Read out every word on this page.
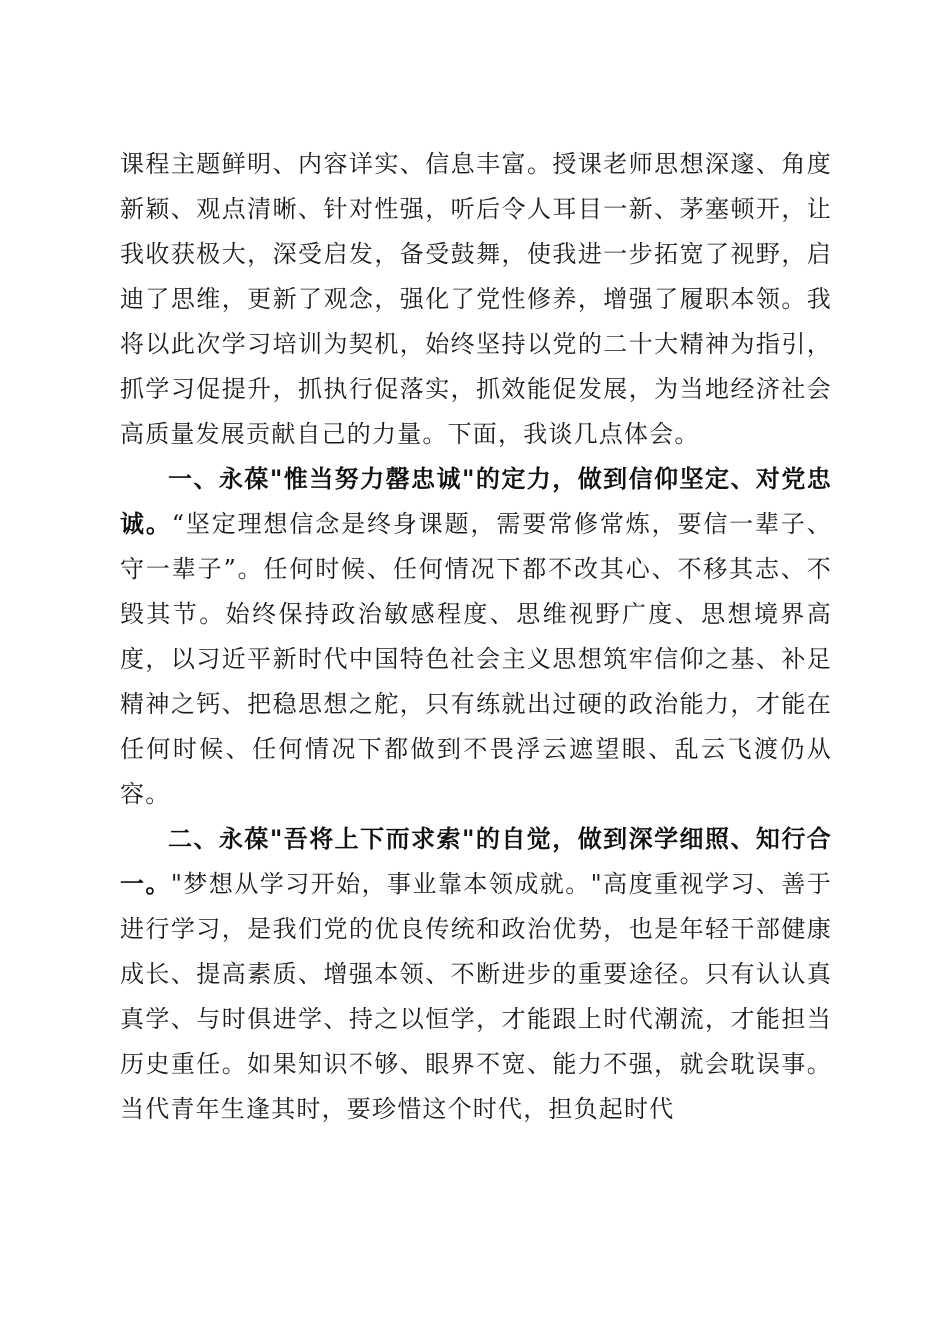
课程主题鲜明、内容详实、信息丰富。授课老师思想深邃、角度新颖、观点清晰、针对性强，听后令人耳目一新、茅塞顿开，让我收获极大，深受启发，备受鼓舞，使我进一步拓宽了视野，启迪了思维，更新了观念，强化了党性修养，增强了履职本领。我将以此次学习培训为契机，始终坚持以党的二十大精神为指引，抓学习促提升，抓执行促落实，抓效能促发展，为当地经济社会高质量发展贡献自己的力量。下面，我谈几点体会。

一、永葆"惟当努力罄忠诚"的定力，做到信仰坚定、对党忠诚。“坚定理想信念是终身课题，需要常修常炼，要信一辈子、守一辈子”。任何时候、任何情况下都不改其心、不移其志、不毁其节。始终保持政治敏感程度、思维视野广度、思想境界高度，以习近平新时代中国特色社会主义思想筑牢信仰之基、补足精神之钙、把稳思想之舵，只有练就出过硬的政治能力，才能在任何时候、任何情况下都做到不畏浮云遮望眼、乱云飞渡仍从容。

二、永葆"吾将上下而求索"的自觉，做到深学细照、知行合一。"梦想从学习开始，事业靠本领成就。"高度重视学习、善于进行学习，是我们党的优良传统和政治优势，也是年轻干部健康成长、提高素质、增强本领、不断进步的重要途径。只有认认真真学、与时俱进学、持之以恒学，才能跟上时代潮流，才能担当历史重任。如果知识不够、眼界不宽、能力不强，就会耽误事。当代青年生逢其时，要珍惜这个时代，担负起时代
